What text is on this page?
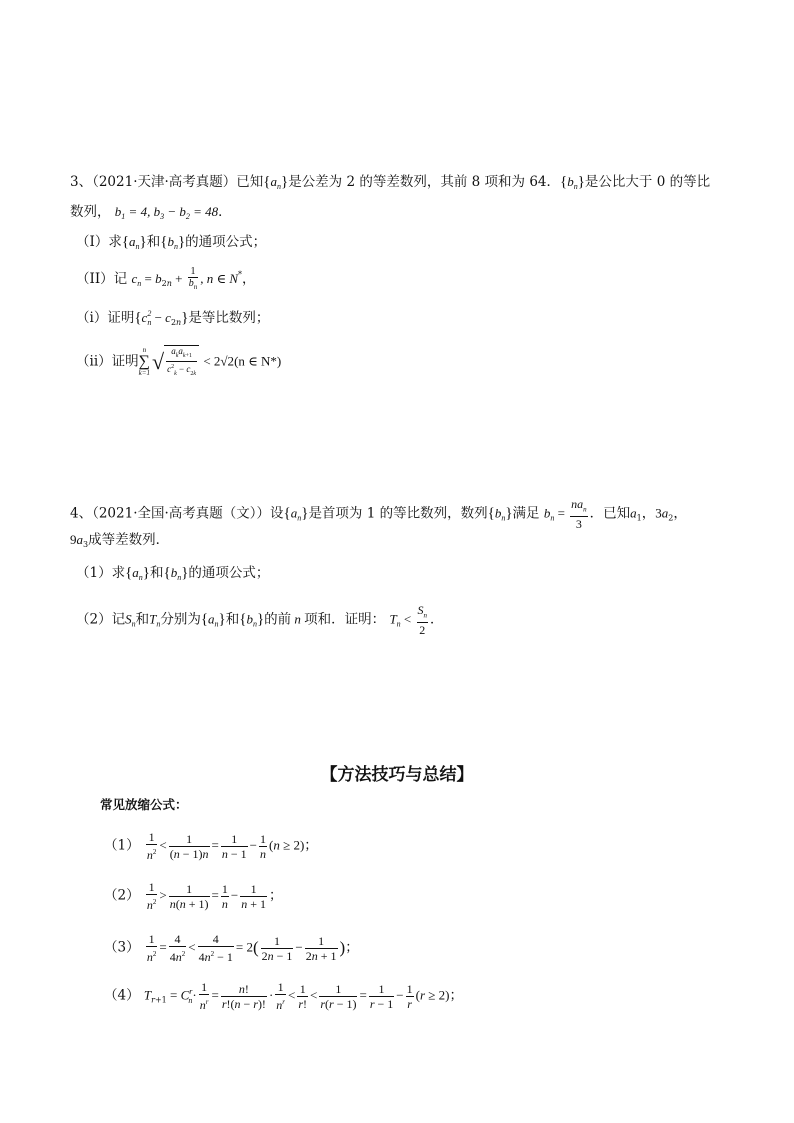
3、（2021·天津·高考真题）已知$\{a_n\}$是公差为 2 的等差数列，其前 8 项和为 64．$\{b_n\}$是公比大于 0 的等比
数列， $b_1 = 4$, $b_3 - b_2 = 48$．
（I）求$\{a_n\}$和$\{b_n\}$的通项公式；
（II）记 $c_n = b_{2n} + \frac{1}{b_n}$ , n ∈ N*，
（i）证明$\{c_{2n} - c_{2n}\}$是等比数列；
（ii）证明
n
∑
k=1 √ $\frac{a_ka_{k+1}}{c^2_k - c_{2k}} < 2√2(n$ ∈ N*)
4、（2021·全国·高考真题（文））设$\{a_n\}$是首项为 1 的等比数列，数列$\{b_n\}$满足 $b_n = \frac{na_n}{3}$ ．已知$a_1$，$3a_2$，
$9a_3$成等差数列．
（1）求$\{a_n\}$和$\{b_n\}$的通项公式；
（2）记$S_n$和$T_n$分别为$\{a_n\}$和$\{b_n\}$的前 n 项和．证明： $T_n < \frac{S_n}{2}$ ．
【方法技巧与总结】
常见放缩公式：
$(1) \frac{1}{n^2} < \frac{1}{(n - 1)n} = \frac{1}{n - 1} - \frac{1}{n} (n \ge 2)$；
$(2) \frac{1}{n^2} > \frac{1}{n(n + 1)} = \frac{1}{n} - \frac{1}{n + 1}$ ；
$(3) \frac{1}{n^2} = \frac{4}{4n^2} < \frac{4}{4n^2 - 1} = 2( \frac{1}{2n - 1} - \frac{1}{2n + 1}$ )；
（4） $T_{r+1} = C_{rn}\cdot \frac{1}{n^r} = \frac{n!}{r!(n - r)!} \cdot \frac{1}{n^r} < \frac{1}{r!} < \frac{1}{r(r - 1)} = \frac{1}{r - 1} - \frac{1}{r} (r \ge 2)$；
